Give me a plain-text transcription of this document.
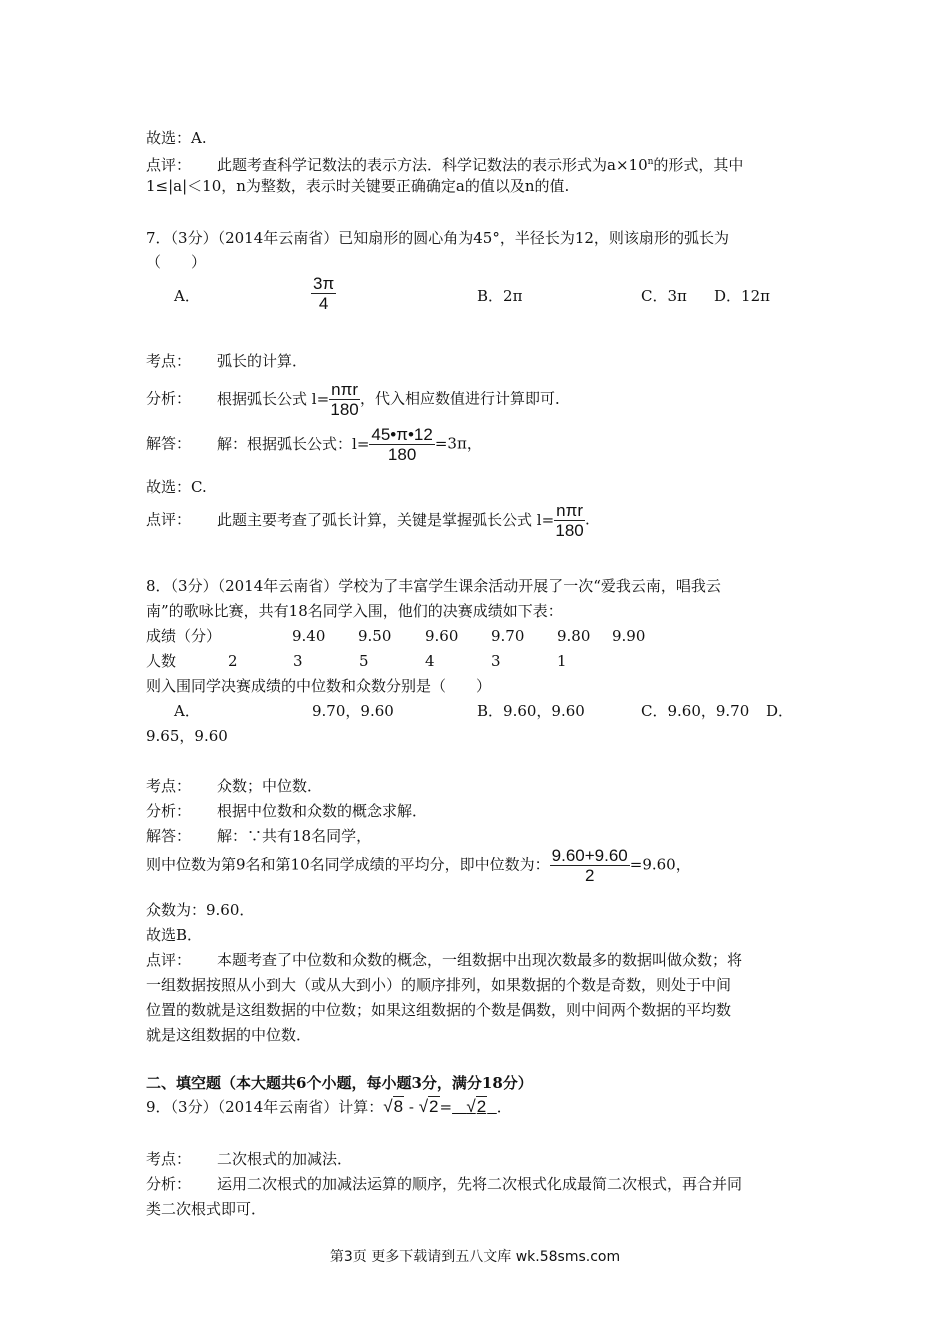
故选：A.
点评： 此题考查科学记数法的表示方法．科学记数法的表示形式为$a\times 10^n$的形式，其中
1≤|a|＜10，n为整数，表示时关键要正确确定a的值以及n的值.
7．（3分）（2014年云南省）已知扇形的圆心角为45°，半径长为12，则该扇形的弧长为
（　　）
A．	$\frac{3\pi}{4}$	B．2π	C．3π D．12π
考点： 弧长的计算．
分析： 根据弧长公式 $l= \frac{\text{nπr}}{180}$ ，代入相应数值进行计算即可．
解答： 解：根据弧长公式：$l= \frac{45•\pi•12}{180} =3\pi$，
故选：C.
点评： 此题主要考查了弧长计算，关键是掌握弧长公式 $l= \frac{\text{nπr}}{180}$ .
8．（3分）（2014年云南省）学校为了丰富学生课余活动开展了一次“爱我云南，唱我云
南”的歌咏比赛，共有18名同学入围，他们的决赛成绩如下表：
成绩（分）	9.40 9.50 9.60 9.70 9.80 9.90
人数	2	3	5	4	3	1
则入围同学决赛成绩的中位数和众数分别是（　　）
A．	9.70，9.60	B．9.60，9.60	C．9.60，9.70 D．
9.65，9.60
考点： 众数；中位数．
分析： 根据中位数和众数的概念求解．
解答： 解：∵共有18名同学，
则中位数为第9名和第10名同学成绩的平均分，即中位数为： $\frac{9.60+9.60}{2} =9.60$，
众数为：9.60．
故选B．
点评： 本题考查了中位数和众数的概念，一组数据中出现次数最多的数据叫做众数；将
一组数据按照从小到大（或从大到小）的顺序排列，如果数据的个数是奇数，则处于中间
位置的数就是这组数据的中位数；如果这组数据的个数是偶数，则中间两个数据的平均数
就是这组数据的中位数．
二、填空题（本大题共6个小题，每小题3分，满分18分）
9．（3分）（2014年云南省）计算：√8 - √2= √2 ．
考点： 二次根式的加减法．
分析： 运用二次根式的加减法运算的顺序，先将二次根式化成最简二次根式，再合并同
类二次根式即可．
第3页 更多下载请到五八文库 wk.58sms.com
